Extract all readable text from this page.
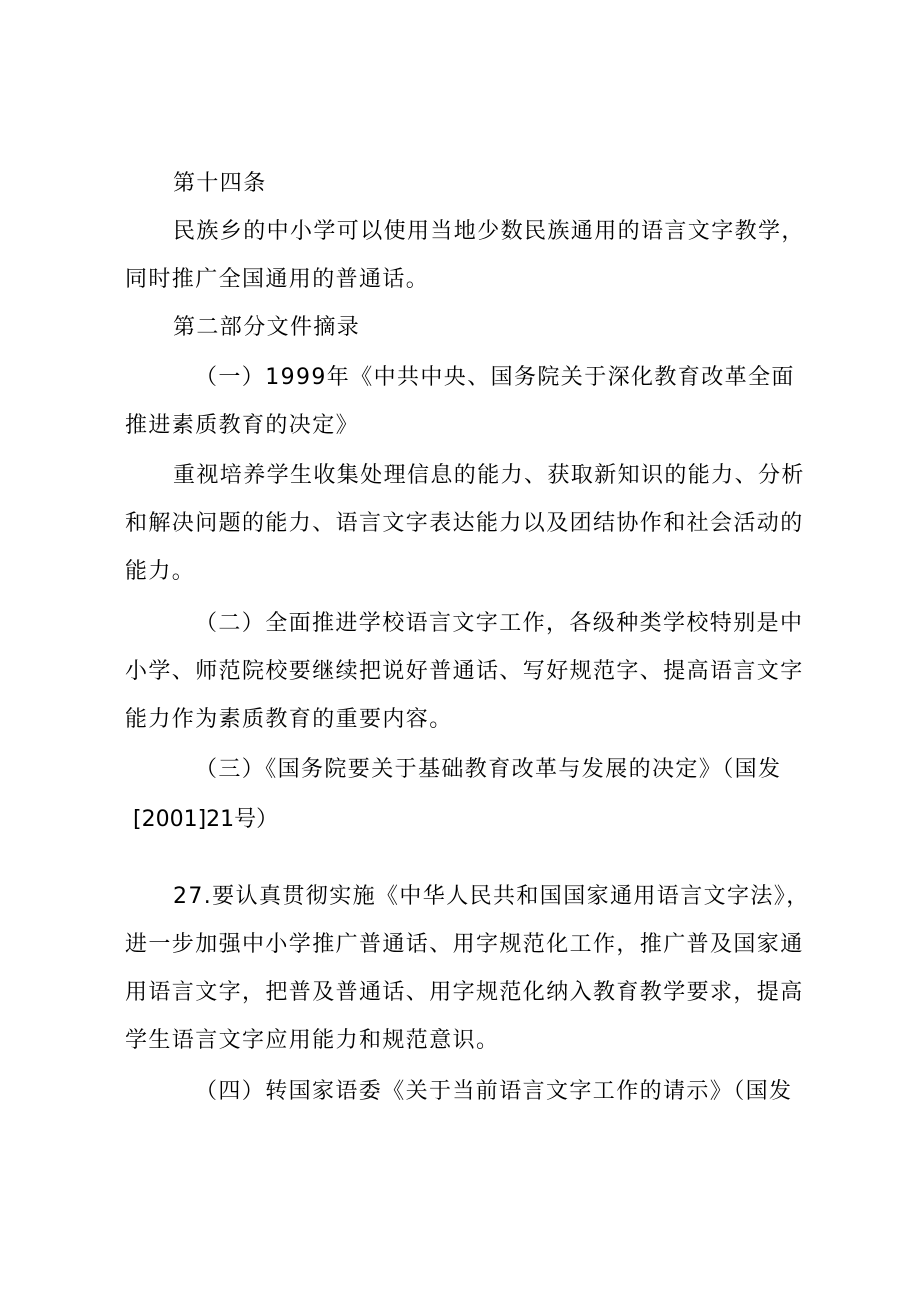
第十四条

民族乡的中小学可以使用当地少数民族通用的语言文字教学，同时推广全国通用的普通话。

第二部分文件摘录

（一）1999年《中共中央、国务院关于深化教育改革全面推进素质教育的决定》

重视培养学生收集处理信息的能力、获取新知识的能力、分析和解决问题的能力、语言文字表达能力以及团结协作和社会活动的能力。

（二）全面推进学校语言文字工作，各级种类学校特别是中小学、师范院校要继续把说好普通话、写好规范字、提高语言文字能力作为素质教育的重要内容。

（三）《国务院要关于基础教育改革与发展的决定》（国发

[2001]21号）

27.要认真贯彻实施《中华人民共和国国家通用语言文字法》，进一步加强中小学推广普通话、用字规范化工作，推广普及国家通用语言文字，把普及普通话、用字规范化纳入教育教学要求，提高学生语言文字应用能力和规范意识。

（四）转国家语委《关于当前语言文字工作的请示》（国发
